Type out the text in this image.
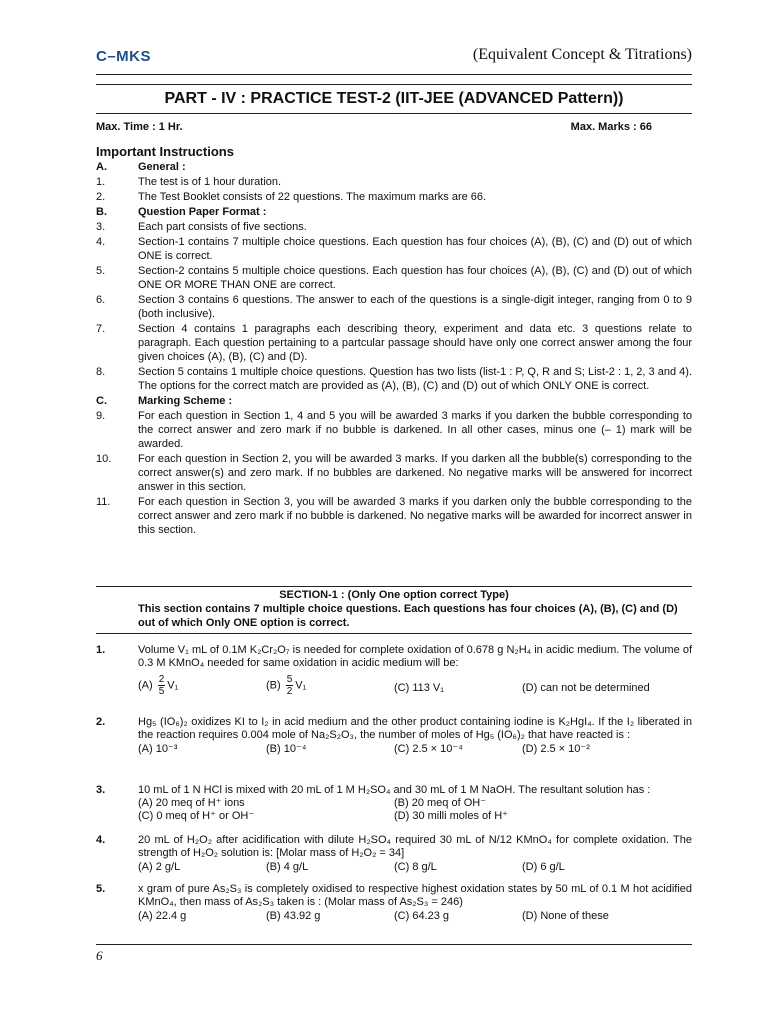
C–MKS	(Equivalent Concept & Titrations)
PART - IV : PRACTICE TEST-2 (IIT-JEE (ADVANCED Pattern))
Max. Time : 1 Hr.	Max. Marks : 66
Important Instructions
A.	General :
1.	The test is of 1 hour duration.
2.	The Test Booklet consists of 22 questions. The maximum marks are 66.
B.	Question Paper Format :
3.	Each part consists of five sections.
4.	Section-1 contains 7 multiple choice questions. Each question has four choices (A), (B), (C) and (D) out of which ONE is correct.
5.	Section-2 contains 5 multiple choice questions. Each question has four choices (A), (B), (C) and (D) out of which ONE OR MORE THAN ONE are correct.
6.	Section 3 contains 6 questions. The answer to each of the questions is a single-digit integer, ranging from 0 to 9 (both inclusive).
7.	Section 4 contains 1 paragraphs each describing theory, experiment and data etc. 3 questions relate to paragraph. Each question pertaining to a partcular passage should have only one correct answer among the four given choices (A), (B), (C) and (D).
8.	Section 5 contains 1 multiple choice questions. Question has two lists (list-1 : P, Q, R and S; List-2 : 1, 2, 3 and 4). The options for the correct match are provided as (A), (B), (C) and (D) out of which ONLY ONE is correct.
C.	Marking Scheme :
9.	For each question in Section 1, 4 and 5 you will be awarded 3 marks if you darken the bubble corresponding to the correct answer and zero mark if no bubble is darkened. In all other cases, minus one (– 1) mark will be awarded.
10.	For each question in Section 2, you will be awarded 3 marks. If you darken all the bubble(s) corresponding to the correct answer(s) and zero mark. If no bubbles are darkened. No negative marks will be answered for incorrect answer in this section.
11.	For each question in Section 3, you will be awarded 3 marks if you darken only the bubble corresponding to the correct answer and zero mark if no bubble is darkened. No negative marks will be awarded for incorrect answer in this section.
SECTION-1 : (Only One option correct Type)
This section contains 7 multiple choice questions. Each questions has four choices (A), (B), (C) and (D) out of which Only ONE option is correct.
1.	Volume V₁ mL of 0.1M K₂Cr₂O₇ is needed for complete oxidation of 0.678 g N₂H₄ in acidic medium. The volume of 0.3 M KMnO₄ needed for same oxidation in acidic medium will be:
$(A) \frac{2}{5} V_1$	$(B) \frac{5}{2} V_1$	(C) 113 V₁	(D) can not be determined
2.	Hg₅ (IO₆)₂ oxidizes KI to I₂ in acid medium and the other product containing iodine is K₂HgI₄. If the I₂ liberated in the reaction requires 0.004 mole of Na₂S₂O₃, the number of moles of Hg₅ (IO₆)₂ that have reacted is :
(A) 10⁻³	(B) 10⁻⁴	(C) 2.5 × 10⁻⁴	(D) 2.5 × 10⁻²
3.	10 mL of 1 N HCl is mixed with 20 mL of 1 M H₂SO₄ and 30 mL of 1 M NaOH. The resultant solution has :
(A) 20 meq of H⁺ ions	(B) 20 meq of OH⁻
(C) 0 meq of H⁺ or OH⁻	(D) 30 milli moles of H⁺
4.	20 mL of H₂O₂ after acidification with dilute H₂SO₄ required 30 mL of N/12 KMnO₄ for complete oxidation. The strength of H₂O₂ solution is: [Molar mass of H₂O₂ = 34]
(A) 2 g/L	(B) 4 g/L	(C) 8 g/L	(D) 6 g/L
5.	x gram of pure As₂S₃ is completely oxidised to respective highest oxidation states by 50 mL of 0.1 M hot acidified KMnO₄, then mass of As₂S₃ taken is : (Molar mass of As₂S₃ = 246)
(A) 22.4 g	(B) 43.92 g	(C) 64.23 g	(D) None of these
6
